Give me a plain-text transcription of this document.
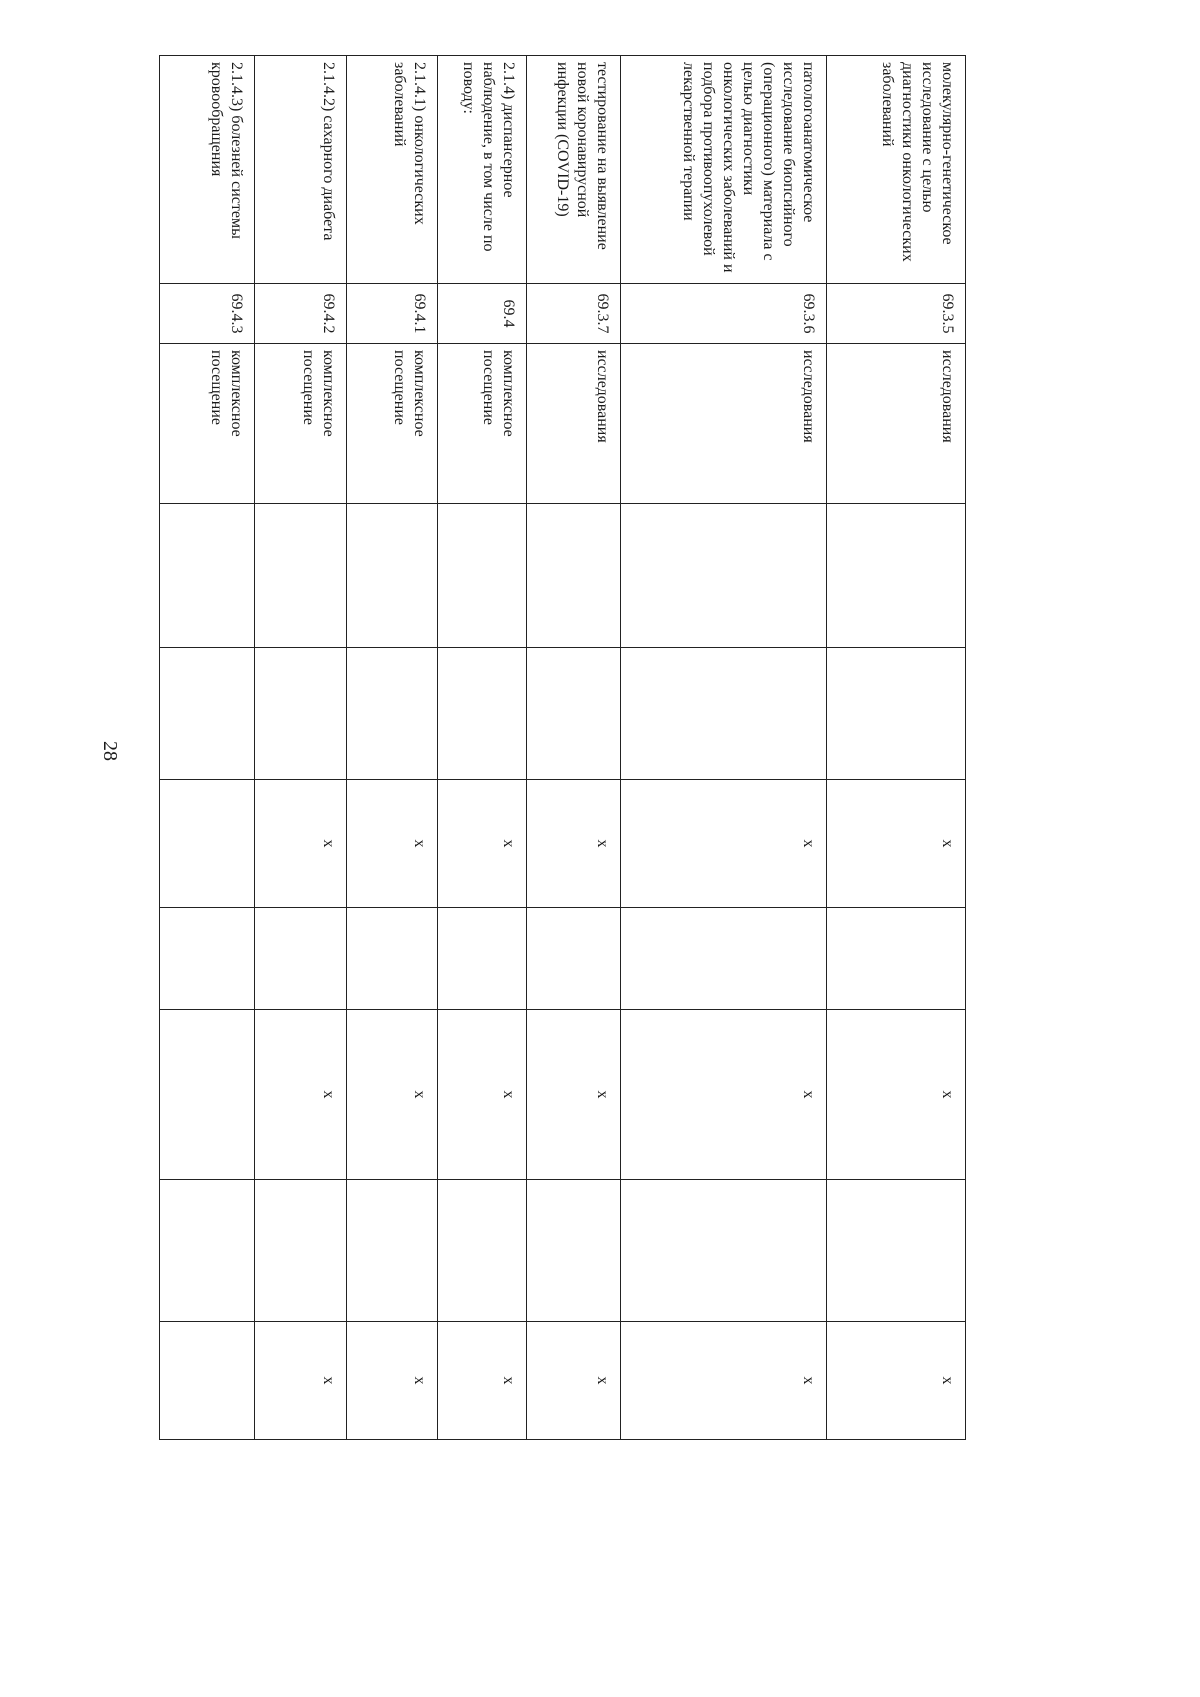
28
молекулярно-генетическое исследование с целью диагностики онкологических заболеваний	69.3.5	исследования			x		x		x
патологоанатомическое исследование биопсийного (операционного) материала с целью диагностики онкологических заболеваний и подбора противоопухолевой лекарственной терапии	69.3.6	исследования			x		x		x
тестирование на выявление новой коронавирусной инфекции (COVID-19)	69.3.7	исследования			x		x		x
2.1.4) диспансерное наблюдение, в том числе по поводу:	69.4	комплексное посещение			x		x		x
2.1.4.1) онкологических заболеваний	69.4.1	комплексное посещение			x		x		x
2.1.4.2) сахарного диабета	69.4.2	комплексное посещение			x		x		x
2.1.4.3) болезней системы кровообращения	69.4.3	комплексное посещение							
